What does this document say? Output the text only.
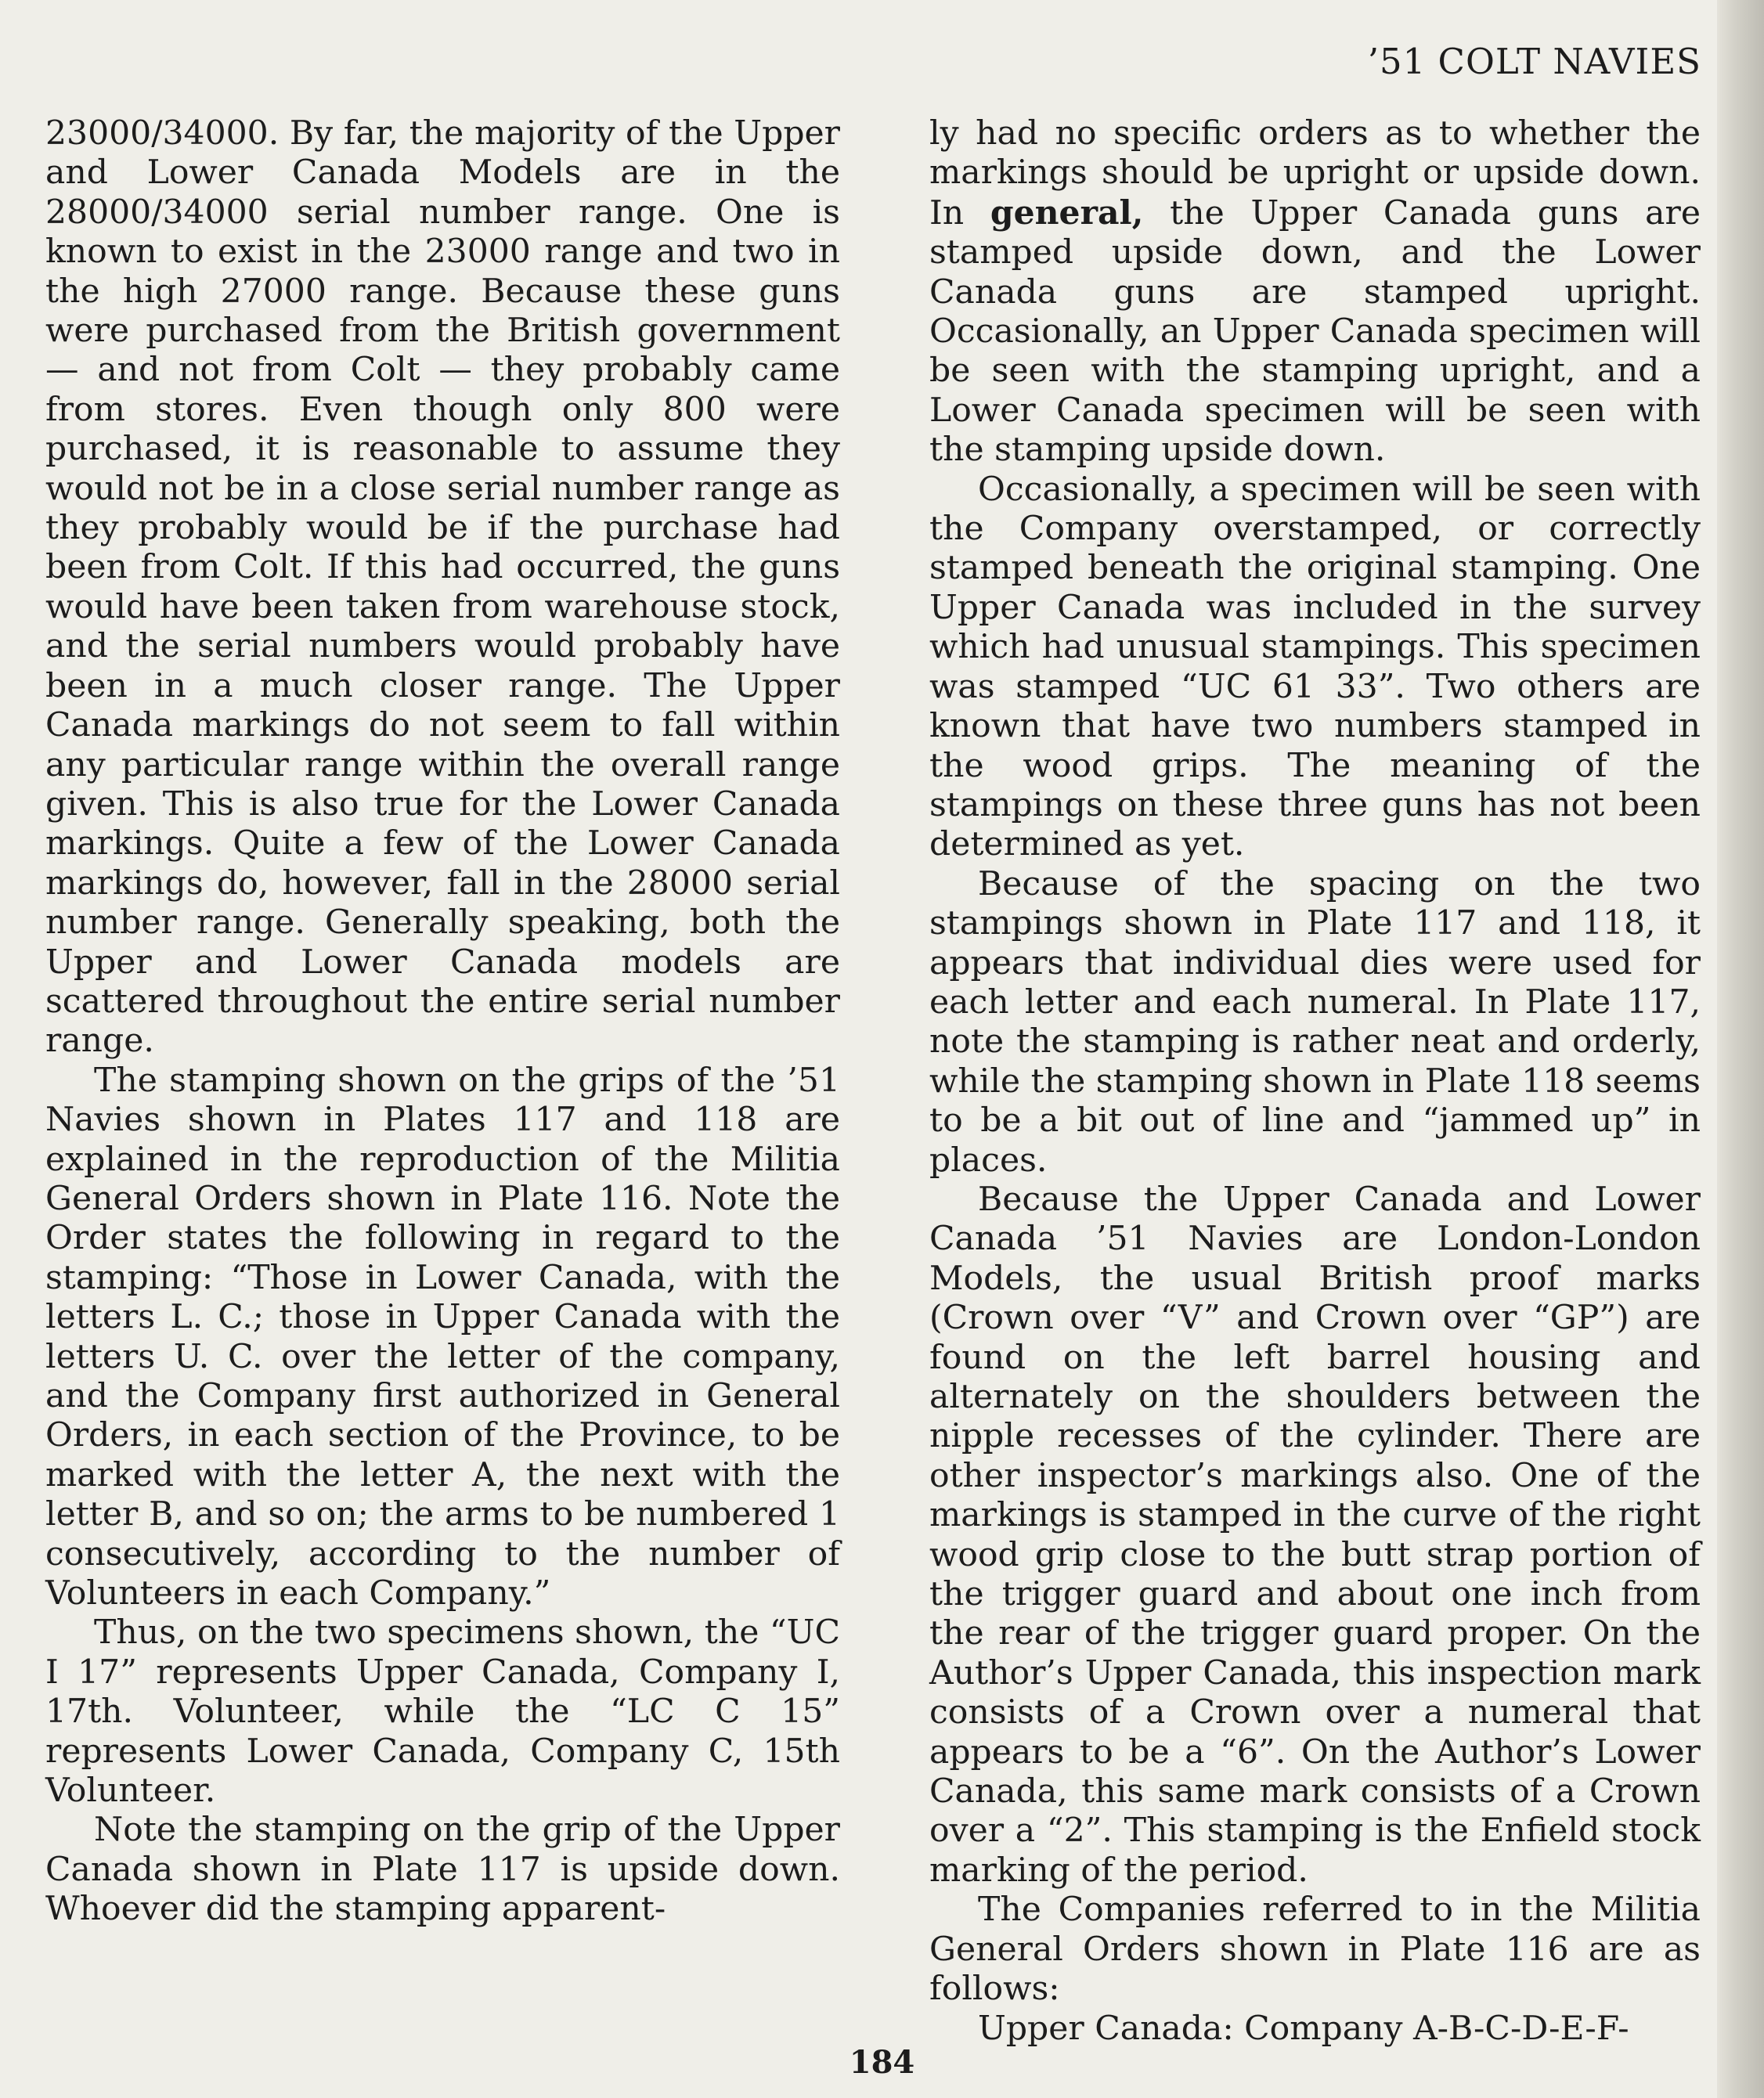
’51 COLT NAVIES

23000/34000. By far, the majority of the Upper and Lower Canada Models are in the 28000/34000 serial number range. One is known to exist in the 23000 range and two in the high 27000 range. Because these guns were purchased from the British government — and not from Colt — they probably came from stores. Even though only 800 were purchased, it is reasonable to assume they would not be in a close serial number range as they probably would be if the purchase had been from Colt. If this had occurred, the guns would have been taken from warehouse stock, and the serial numbers would probably have been in a much closer range. The Upper Canada markings do not seem to fall within any particular range within the overall range given. This is also true for the Lower Canada markings. Quite a few of the Lower Canada markings do, however, fall in the 28000 serial number range. Generally speaking, both the Upper and Lower Canada models are scattered throughout the entire serial number range.

The stamping shown on the grips of the ’51 Navies shown in Plates 117 and 118 are explained in the reproduction of the Militia General Orders shown in Plate 116. Note the Order states the following in regard to the stamping: “Those in Lower Canada, with the letters L. C.; those in Upper Canada with the letters U. C. over the letter of the company, and the Company first authorized in General Orders, in each section of the Province, to be marked with the letter A, the next with the letter B, and so on; the arms to be numbered 1 consecutively, according to the number of Volunteers in each Company.”

Thus, on the two specimens shown, the “UC I 17” represents Upper Canada, Company I, 17th. Volunteer, while the “LC C 15” represents Lower Canada, Company C, 15th Volunteer.

Note the stamping on the grip of the Upper Canada shown in Plate 117 is upside down. Whoever did the stamping apparent-

ly had no specific orders as to whether the markings should be upright or upside down. In general, the Upper Canada guns are stamped upside down, and the Lower Canada guns are stamped upright. Occasionally, an Upper Canada specimen will be seen with the stamping upright, and a Lower Canada specimen will be seen with the stamping upside down.

Occasionally, a specimen will be seen with the Company overstamped, or correctly stamped beneath the original stamping. One Upper Canada was included in the survey which had unusual stampings. This specimen was stamped “UC 61 33”. Two others are known that have two numbers stamped in the wood grips. The meaning of the stampings on these three guns has not been determined as yet.

Because of the spacing on the two stampings shown in Plate 117 and 118, it appears that individual dies were used for each letter and each numeral. In Plate 117, note the stamping is rather neat and orderly, while the stamping shown in Plate 118 seems to be a bit out of line and “jammed up” in places.

Because the Upper Canada and Lower Canada ’51 Navies are London-London Models, the usual British proof marks (Crown over “V” and Crown over “GP”) are found on the left barrel housing and alternately on the shoulders between the nipple recesses of the cylinder. There are other inspector’s markings also. One of the markings is stamped in the curve of the right wood grip close to the butt strap portion of the trigger guard and about one inch from the rear of the trigger guard proper. On the Author’s Upper Canada, this inspection mark consists of a Crown over a numeral that appears to be a “6”. On the Author’s Lower Canada, this same mark consists of a Crown over a “2”. This stamping is the Enfield stock marking of the period.

The Companies referred to in the Militia General Orders shown in Plate 116 are as follows:

Upper Canada: Company A-B-C-D-E-F-

184
